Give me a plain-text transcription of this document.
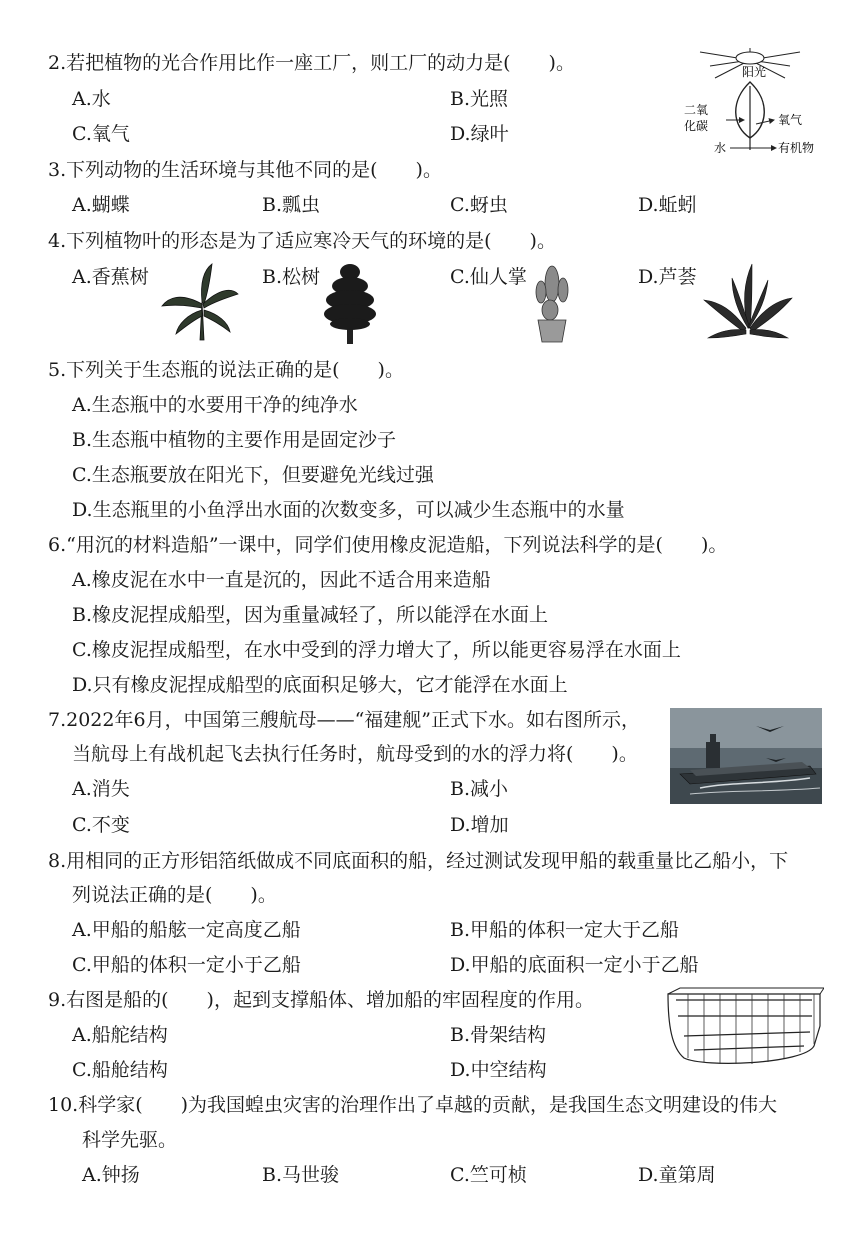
2.若把植物的光合作用比作一座工厂，则工厂的动力是(　　)。
A.水	B.光照
C.氧气	D.绿叶
阳光
二氧
化碳	氧气
水	有机物
3.下列动物的生活环境与其他不同的是(　　)。
A.蝴蝶	B.瓢虫	C.蚜虫	D.蚯蚓
4.下列植物叶的形态是为了适应寒冷天气的环境的是(　　)。
A.香蕉树	B.松树	C.仙人掌	D.芦荟
5.下列关于生态瓶的说法正确的是(　　)。
A.生态瓶中的水要用干净的纯净水
B.生态瓶中植物的主要作用是固定沙子
C.生态瓶要放在阳光下，但要避免光线过强
D.生态瓶里的小鱼浮出水面的次数变多，可以减少生态瓶中的水量
6.“用沉的材料造船”一课中，同学们使用橡皮泥造船，下列说法科学的是(　　)。
A.橡皮泥在水中一直是沉的，因此不适合用来造船
B.橡皮泥捏成船型，因为重量减轻了，所以能浮在水面上
C.橡皮泥捏成船型，在水中受到的浮力增大了，所以能更容易浮在水面上
D.只有橡皮泥捏成船型的底面积足够大，它才能浮在水面上
7.2022年6月，中国第三艘航母——“福建舰”正式下水。如右图所示，
当航母上有战机起飞去执行任务时，航母受到的水的浮力将(　　)。
A.消失	B.减小
C.不变	D.增加
8.用相同的正方形铝箔纸做成不同底面积的船，经过测试发现甲船的载重量比乙船小，下
列说法正确的是(　　)。
A.甲船的船舷一定高度乙船	B.甲船的体积一定大于乙船
C.甲船的体积一定小于乙船	D.甲船的底面积一定小于乙船
9.右图是船的(　　)，起到支撑船体、增加船的牢固程度的作用。
A.船舵结构	B.骨架结构
C.船舱结构	D.中空结构
10.科学家(　　)为我国蝗虫灾害的治理作出了卓越的贡献，是我国生态文明建设的伟大
科学先驱。
A.钟扬	B.马世骏	C.竺可桢	D.童第周
